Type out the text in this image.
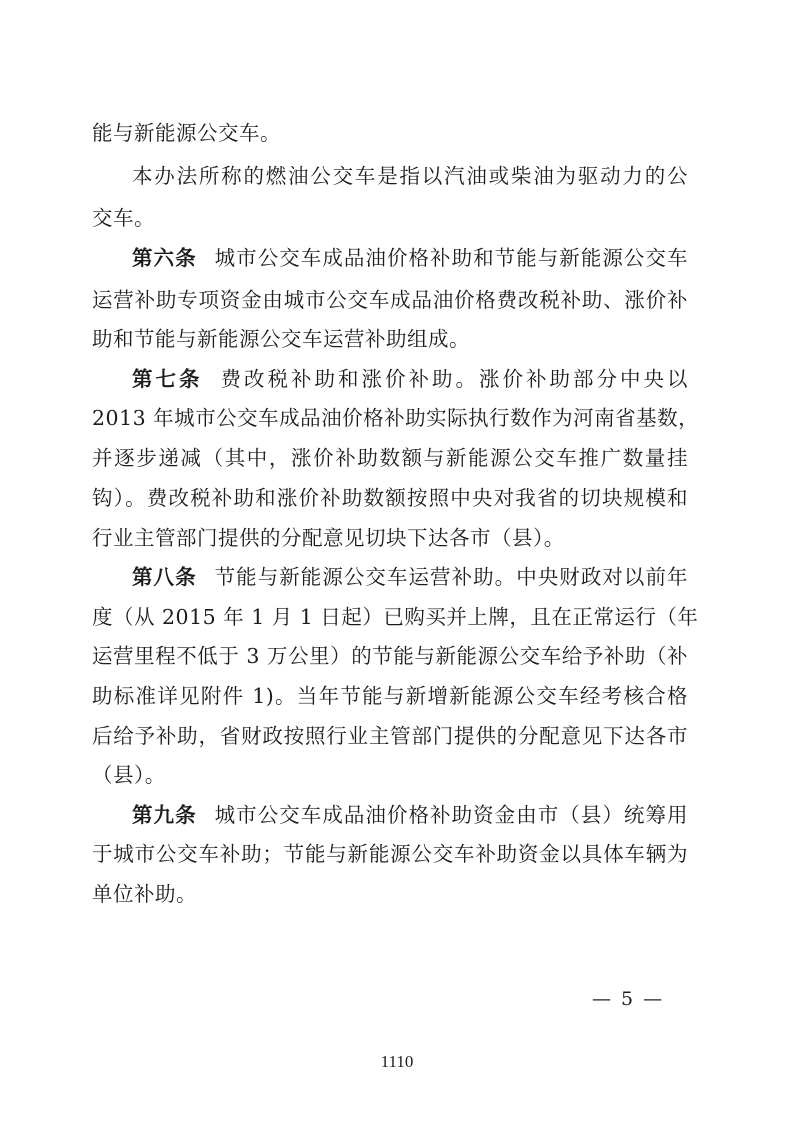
能与新能源公交车。
本办法所称的燃油公交车是指以汽油或柴油为驱动力的公
交车。
第六条 城市公交车成品油价格补助和节能与新能源公交车
运营补助专项资金由城市公交车成品油价格费改税补助、涨价补
助和节能与新能源公交车运营补助组成。
第七条 费改税补助和涨价补助。涨价补助部分中央以
2013 年城市公交车成品油价格补助实际执行数作为河南省基数，
并逐步递减（其中，涨价补助数额与新能源公交车推广数量挂
钩）。费改税补助和涨价补助数额按照中央对我省的切块规模和
行业主管部门提供的分配意见切块下达各市（县）。
第八条 节能与新能源公交车运营补助。中央财政对以前年
度（从 2015 年 1 月 1 日起）已购买并上牌，且在正常运行（年
运营里程不低于 3 万公里）的节能与新能源公交车给予补助（补
助标准详见附件 1)。当年节能与新增新能源公交车经考核合格
后给予补助，省财政按照行业主管部门提供的分配意见下达各市
（县）。
第九条 城市公交车成品油价格补助资金由市（县）统筹用
于城市公交车补助；节能与新能源公交车补助资金以具体车辆为
单位补助。
— 5 —
1110
